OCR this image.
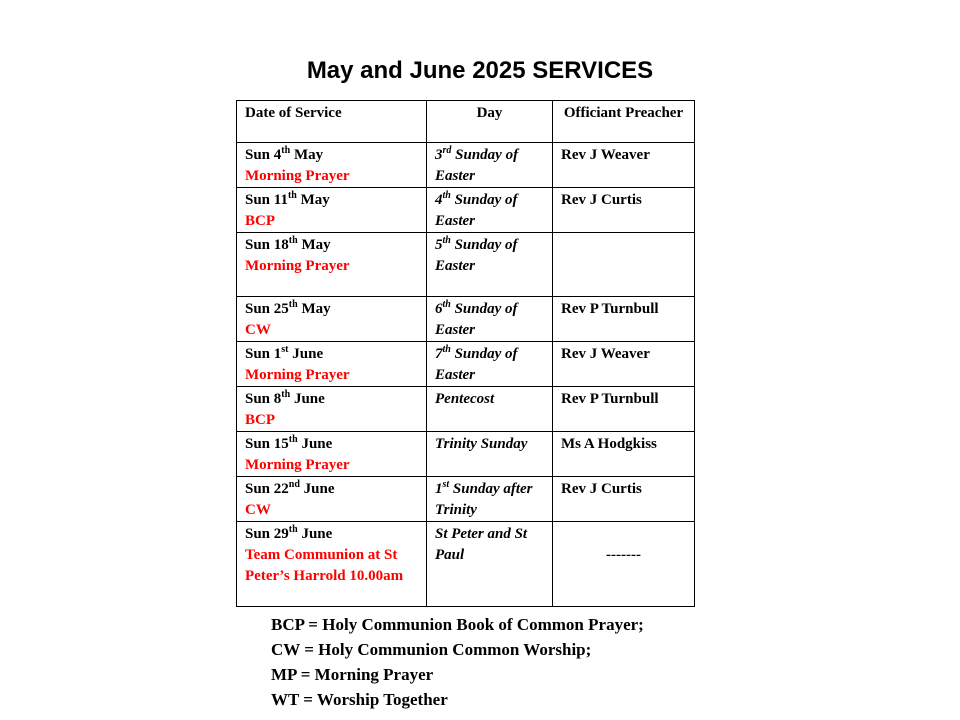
May and June 2025 SERVICES
Date of Service	Day	Officiant Preacher
Sun 4th May
Morning Prayer	3rd Sunday of Easter	Rev J Weaver
Sun 11th May
BCP	4th Sunday of Easter	Rev J Curtis
Sun 18th May
Morning Prayer	5th Sunday of Easter	
Sun 25th May
CW	6th Sunday of Easter	Rev P Turnbull
Sun 1st June
Morning Prayer	7th Sunday of Easter	Rev J Weaver
Sun 8th June
BCP	Pentecost	Rev P Turnbull
Sun 15th June
Morning Prayer	Trinity Sunday	Ms A Hodgkiss
Sun 22nd June
CW	1st Sunday after Trinity	Rev J Curtis
Sun 29th June
Team Communion at St Peter’s Harrold 10.00am	St Peter and St Paul	-------
BCP = Holy Communion Book of Common Prayer;
CW = Holy Communion Common Worship;
MP = Morning Prayer
WT = Worship Together
